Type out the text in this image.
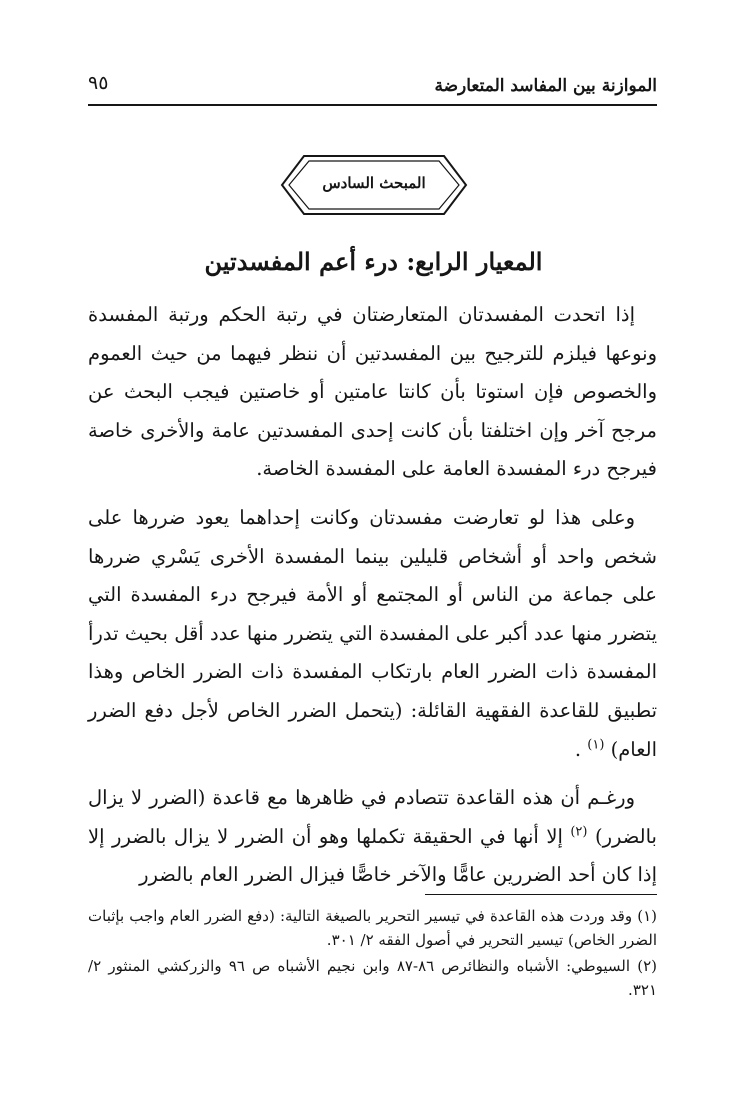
الموازنة بين المفاسد المتعارضة
٩٥
المبحث السادس
المعيار الرابع: درء أعم المفسدتين

إذا اتحدت المفسدتان المتعارضتان في رتبة الحكم ورتبة المفسدة ونوعها فيلزم للترجيح بين المفسدتين أن ننظر فيهما من حيث العموم والخصوص فإن استوتا بأن كانتا عامتين أو خاصتين فيجب البحث عن مرجح آخر وإن اختلفتا بأن كانت إحدى المفسدتين عامة والأخرى خاصة فيرجح درء المفسدة العامة على المفسدة الخاصة.

وعلى هذا لو تعارضت مفسدتان وكانت إحداهما يعود ضررها على شخص واحد أو أشخاص قليلين بينما المفسدة الأخرى يَسْري ضررها على جماعة من الناس أو المجتمع أو الأمة فيرجح درء المفسدة التي يتضرر منها عدد أكبر على المفسدة التي يتضرر منها عدد أقل بحيث تدرأ المفسدة ذات الضرر العام بارتكاب المفسدة ذات الضرر الخاص وهذا تطبيق للقاعدة الفقهية القائلة: (يتحمل الضرر الخاص لأجل دفع الضرر العام) $^{(١)}$ .

ورغـم أن هذه القاعدة تتصادم في ظاهرها مع قاعدة (الضرر لا يزال بالضرر) $^{(٢)}$ إلا أنها في الحقيقة تكملها وهو أن الضرر لا يزال بالضرر إلا إذا كان أحد الضررين عامًّا والآخر خاصًّا فيزال الضرر العام بالضرر

(١) وقد وردت هذه القاعدة في تيسير التحرير بالصيغة التالية: (دفع الضرر العام واجب بإثبات الضرر الخاص) تيسير التحرير في أصول الفقه ٢/ ٣٠١.

(٢) السيوطي: الأشباه والنظائرص ٨٦-٨٧ وابن نجيم الأشباه ص ٩٦ والزركشي المنثور ٢/ ٣٢١.
